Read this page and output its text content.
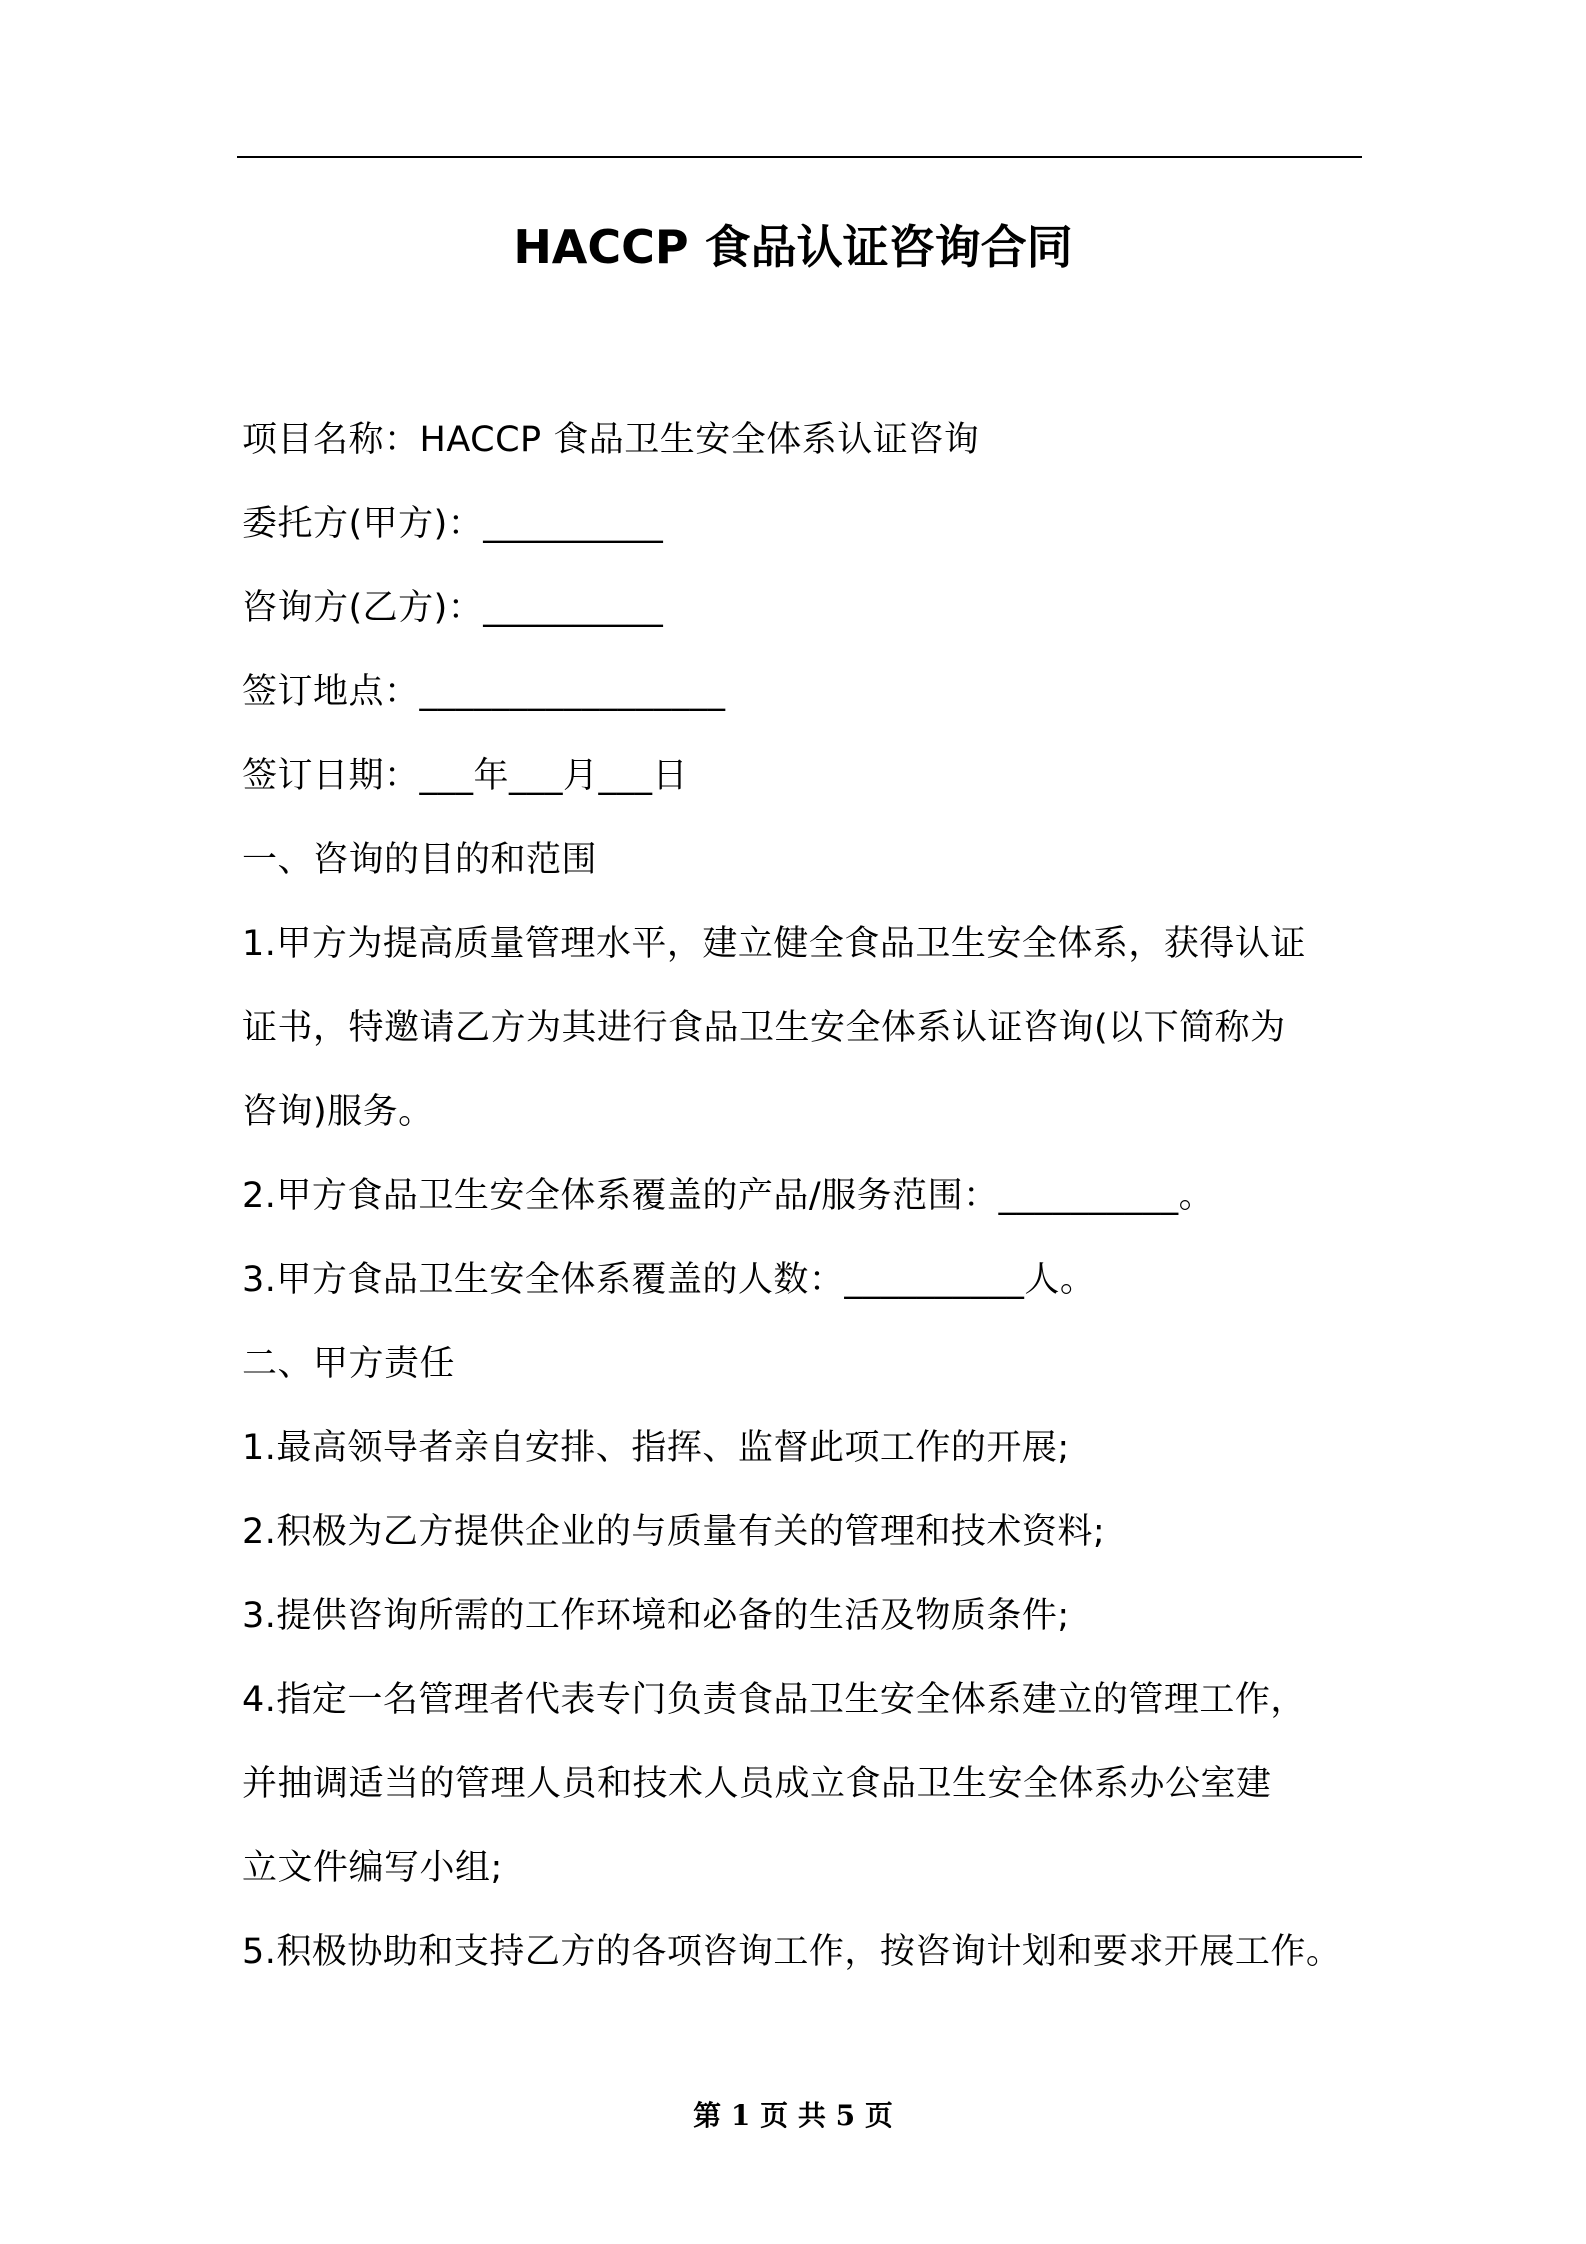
HACCP 食品认证咨询合同

项目名称：HACCP 食品卫生安全体系认证咨询

委托方(甲方)：__________

咨询方(乙方)：__________

签订地点：_________________

签订日期：___年___月___日

一、咨询的目的和范围

1.甲方为提高质量管理水平，建立健全食品卫生安全体系，获得认证

证书，特邀请乙方为其进行食品卫生安全体系认证咨询(以下简称为

咨询)服务。

2.甲方食品卫生安全体系覆盖的产品/服务范围：__________。

3.甲方食品卫生安全体系覆盖的人数：__________人。

二、甲方责任

1.最高领导者亲自安排、指挥、监督此项工作的开展;

2.积极为乙方提供企业的与质量有关的管理和技术资料;

3.提供咨询所需的工作环境和必备的生活及物质条件;

4.指定一名管理者代表专门负责食品卫生安全体系建立的管理工作，

并抽调适当的管理人员和技术人员成立食品卫生安全体系办公室建

立文件编写小组;

5.积极协助和支持乙方的各项咨询工作，按咨询计划和要求开展工作。

第 1 页 共 5 页
